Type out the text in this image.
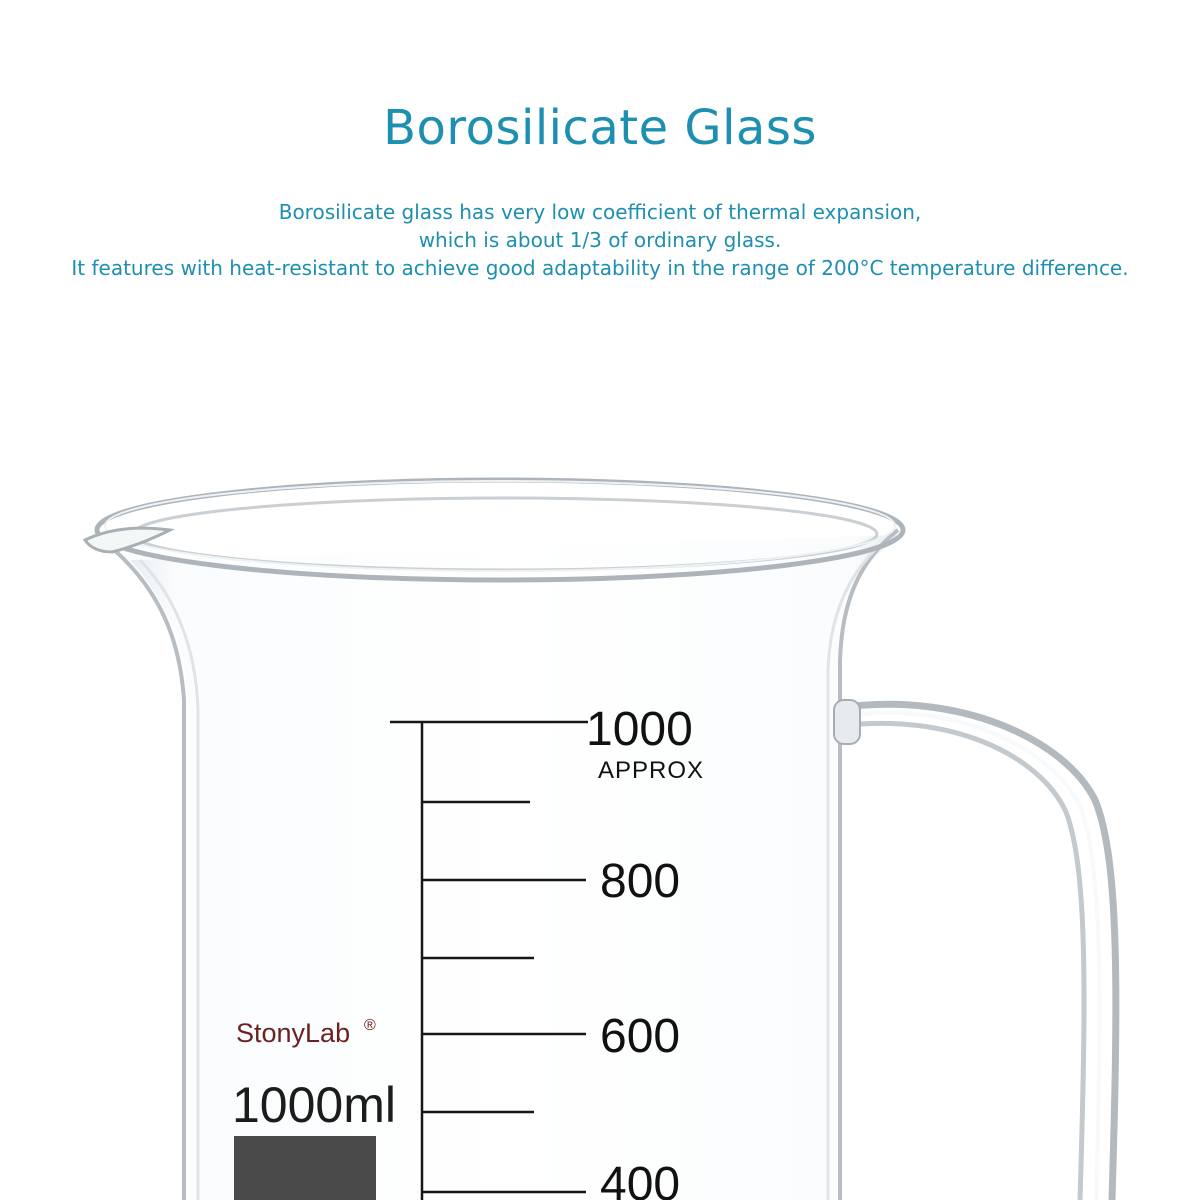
Borosilicate Glass
Borosilicate glass has very low coefficient of thermal expansion,
which is about 1/3 of ordinary glass.
It features with heat-resistant to achieve good adaptability in the range of 200°C temperature difference.
1000
APPROX
800
600
400
StonyLab ®
1000ml
